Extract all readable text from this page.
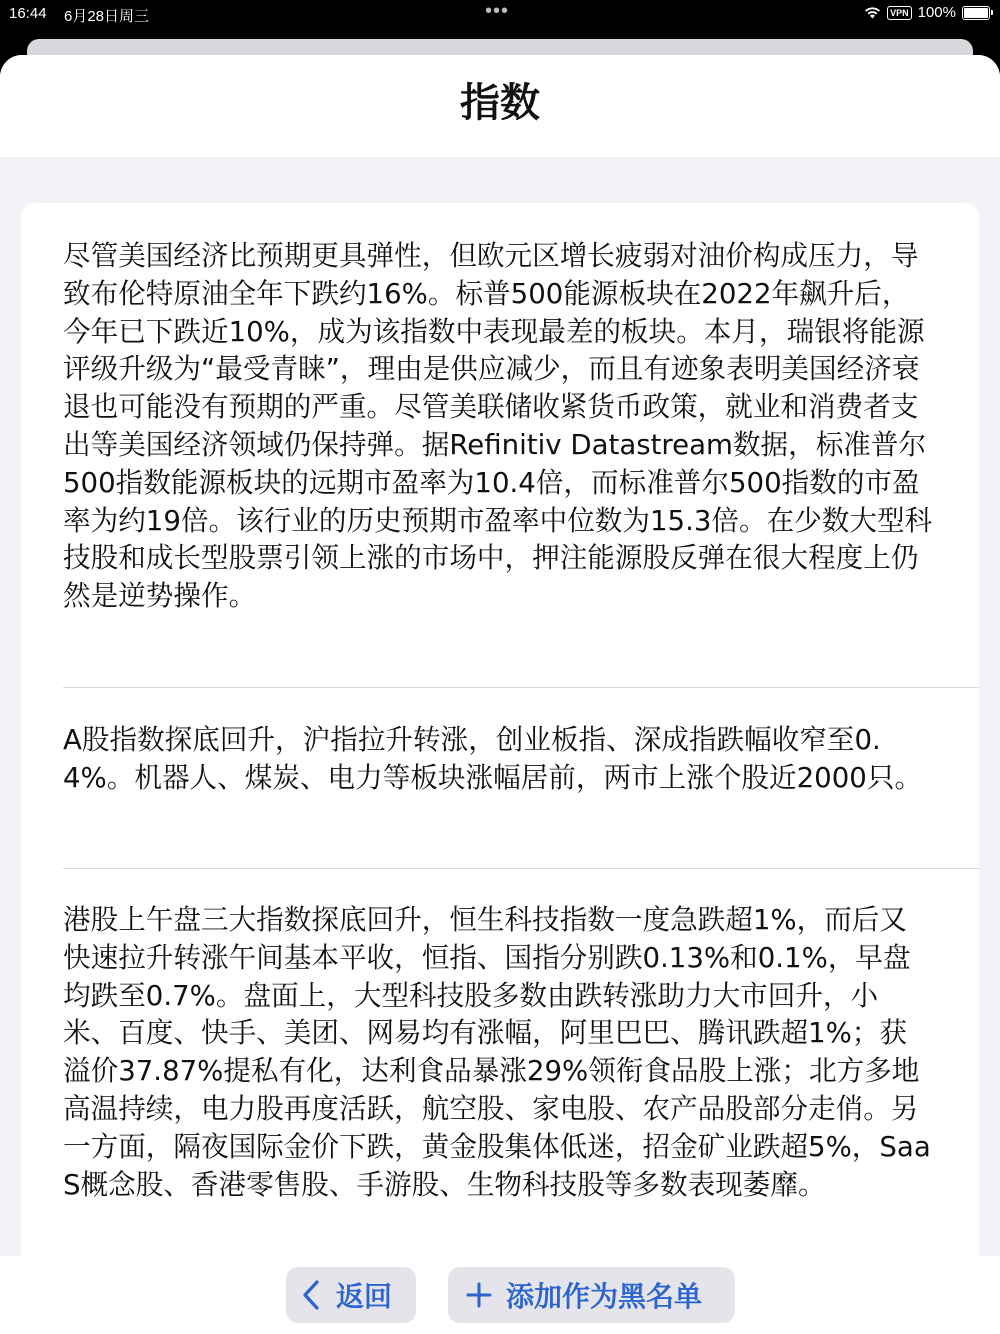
16:44 6月28日周三	•••	VPN 100%
指数
尽管美国经济比预期更具弹性，但欧元区增长疲弱对油价构成压力，导致布伦特原油全年下跌约16%。标普500能源板块在2022年飙升后，今年已下跌近10%，成为该指数中表现最差的板块。本月，瑞银将能源评级升级为“最受青睐”，理由是供应减少，而且有迹象表明美国经济衰退也可能没有预期的严重。尽管美联储收紧货币政策，就业和消费者支出等美国经济领域仍保持弹。据Refinitiv Datastream数据，标准普尔500指数能源板块的远期市盈率为10.4倍，而标准普尔500指数的市盈率为约19倍。该行业的历史预期市盈率中位数为15.3倍。在少数大型科技股和成长型股票引领上涨的市场中，押注能源股反弹在很大程度上仍然是逆势操作。
A股指数探底回升，沪指拉升转涨，创业板指、深成指跌幅收窄至0.4%。机器人、煤炭、电力等板块涨幅居前，两市上涨个股近2000只。
港股上午盘三大指数探底回升，恒生科技指数一度急跌超1%，而后又快速拉升转涨午间基本平收，恒指、国指分别跌0.13%和0.1%，早盘均跌至0.7%。盘面上，大型科技股多数由跌转涨助力大市回升，小米、百度、快手、美团、网易均有涨幅，阿里巴巴、腾讯跌超1%；获溢价37.87%提私有化，达利食品暴涨29%领衔食品股上涨；北方多地高温持续，电力股再度活跃，航空股、家电股、农产品股部分走俏。另一方面，隔夜国际金价下跌，黄金股集体低迷，招金矿业跌超5%，SaaS概念股、香港零售股、手游股、生物科技股等多数表现萎靡。
返回	添加作为黑名单
